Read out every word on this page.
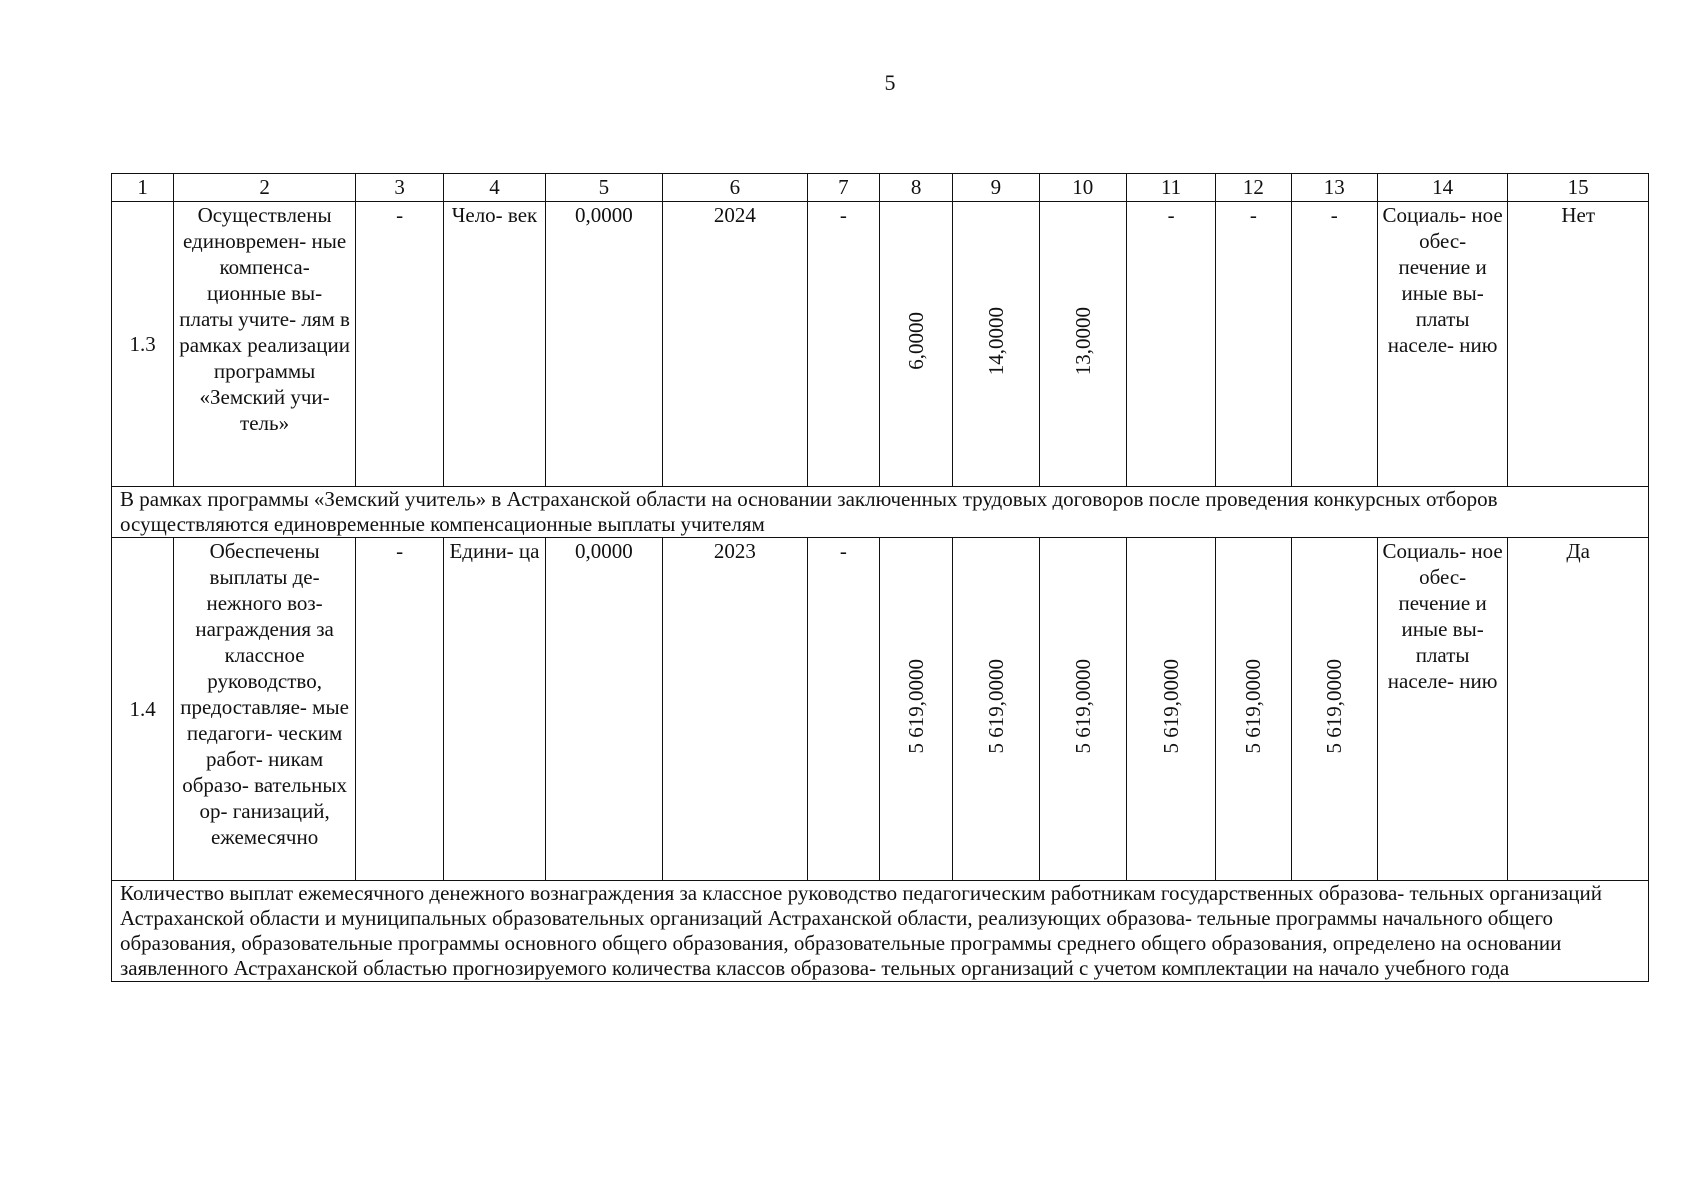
5
1	2	3	4	5	6	7	8	9	10	11	12	13	14	15
1.3	Осуществлены единовремен- ные компенса- ционные вы- платы учите- лям в рамках реализации программы «Земский учи- тель»	-	Чело- век	0,0000	2024	-	6,0000	14,0000	13,0000	-	-	-	Социаль- ное обес- печение и иные вы- платы населе- нию	Нет
В рамках программы «Земский учитель» в Астраханской области на основании заключенных трудовых договоров после проведения конкурсных отборов осуществляются единовременные компенсационные выплаты учителям														
1.4	Обеспечены выплаты де- нежного воз- награждения за классное руководство, предоставляе- мые педагоги- ческим работ- никам образо- вательных ор- ганизаций, ежемесячно	-	Едини- ца	0,0000	2023	-	5 619,0000	5 619,0000	5 619,0000	5 619,0000	5 619,0000	5 619,0000	Социаль- ное обес- печение и иные вы- платы населе- нию	Да
Количество выплат ежемесячного денежного вознаграждения за классное руководство педагогическим работникам государственных образова- тельных организаций Астраханской области и муниципальных образовательных организаций Астраханской области, реализующих образова- тельные программы начального общего образования, образовательные программы основного общего образования, образовательные программы среднего общего образования, определено на основании заявленного Астраханской областью прогнозируемого количества классов образова- тельных организаций с учетом комплектации на начало учебного года														
